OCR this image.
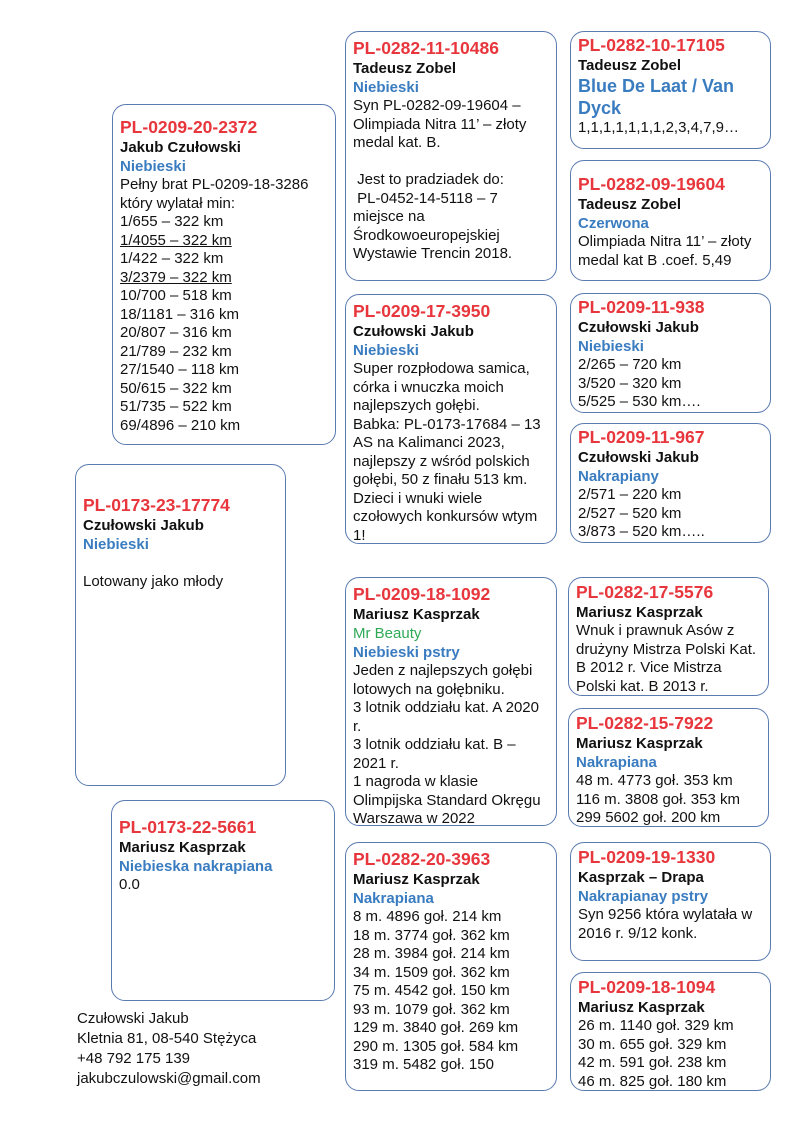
PL-0209-20-2372
Jakub Czułowski
Niebieski
Pełny brat PL-0209-18-3286
który wylatał min:
1/655 – 322 km
1/4055 – 322 km
1/422 – 322 km
3/2379 – 322 km
10/700 – 518 km
18/1181 – 316 km
20/807 – 316 km
21/789 – 232 km
27/1540 – 118 km
50/615 – 322 km
51/735 – 522 km
69/4896 – 210 km
PL-0173-23-17774
Czułowski Jakub
Niebieski
Lotowany jako młody
PL-0173-22-5661
Mariusz Kasprzak
Niebieska nakrapiana
0.0
PL-0282-11-10486
Tadeusz Zobel
Niebieski
Syn PL-0282-09-19604 – Olimpiada Nitra 11’ – złoty medal kat. B.
Jest to pradziadek do:
PL-0452-14-5118 – 7 miejsce na Środkowoeuropejskiej Wystawie Trencin 2018.
PL-0209-17-3950
Czułowski Jakub
Niebieski
Super rozpłodowa samica, córka i wnuczka moich najlepszych gołębi.
Babka: PL-0173-17684 – 13 AS na Kalimanci 2023, najlepszy z wśród polskich gołębi, 50 z finału 513 km.
Dzieci i wnuki wiele czołowych konkursów wtym 1!
PL-0209-18-1092
Mariusz Kasprzak
Mr Beauty
Niebieski pstry
Jeden z najlepszych gołębi lotowych na gołębniku.
3 lotnik oddziału kat. A 2020 r.
3 lotnik oddziału kat. B – 2021 r.
1 nagroda w klasie Olimpijska Standard Okręgu Warszawa w 2022
PL-0282-20-3963
Mariusz Kasprzak
Nakrapiana
8 m. 4896 goł. 214 km
18 m. 3774 goł. 362 km
28 m. 3984 goł. 214 km
34 m. 1509 goł. 362 km
75 m. 4542 goł. 150 km
93 m. 1079 goł. 362 km
129 m. 3840 goł. 269 km
290 m. 1305 goł. 584 km
319 m. 5482 goł. 150
PL-0282-10-17105
Tadeusz Zobel
Blue De Laat / Van Dyck
1,1,1,1,1,1,1,2,3,4,7,9…
PL-0282-09-19604
Tadeusz Zobel
Czerwona
Olimpiada Nitra 11’ – złoty medal kat B .coef. 5,49
PL-0209-11-938
Czułowski Jakub
Niebieski
2/265 – 720 km
3/520 – 320 km
5/525 – 530 km….
PL-0209-11-967
Czułowski Jakub
Nakrapiany
2/571 – 220 km
2/527 – 520 km
3/873 – 520 km…..
PL-0282-17-5576
Mariusz Kasprzak
Wnuk i prawnuk Asów z drużyny Mistrza Polski Kat. B 2012 r. Vice Mistrza Polski kat. B 2013 r.
PL-0282-15-7922
Mariusz Kasprzak
Nakrapiana
48 m. 4773 goł. 353 km
116 m. 3808 goł. 353 km
299 5602 goł. 200 km
PL-0209-19-1330
Kasprzak – Drapa
Nakrapianay pstry
Syn 9256 która wylatała w 2016 r. 9/12 konk.
PL-0209-18-1094
Mariusz Kasprzak
26 m. 1140 goł. 329 km
30 m. 655 goł. 329 km
42 m. 591 goł. 238 km
46 m. 825 goł. 180 km
Czułowski Jakub
Kletnia 81, 08-540 Stężyca
+48 792 175 139
jakubczulowski@gmail.com
